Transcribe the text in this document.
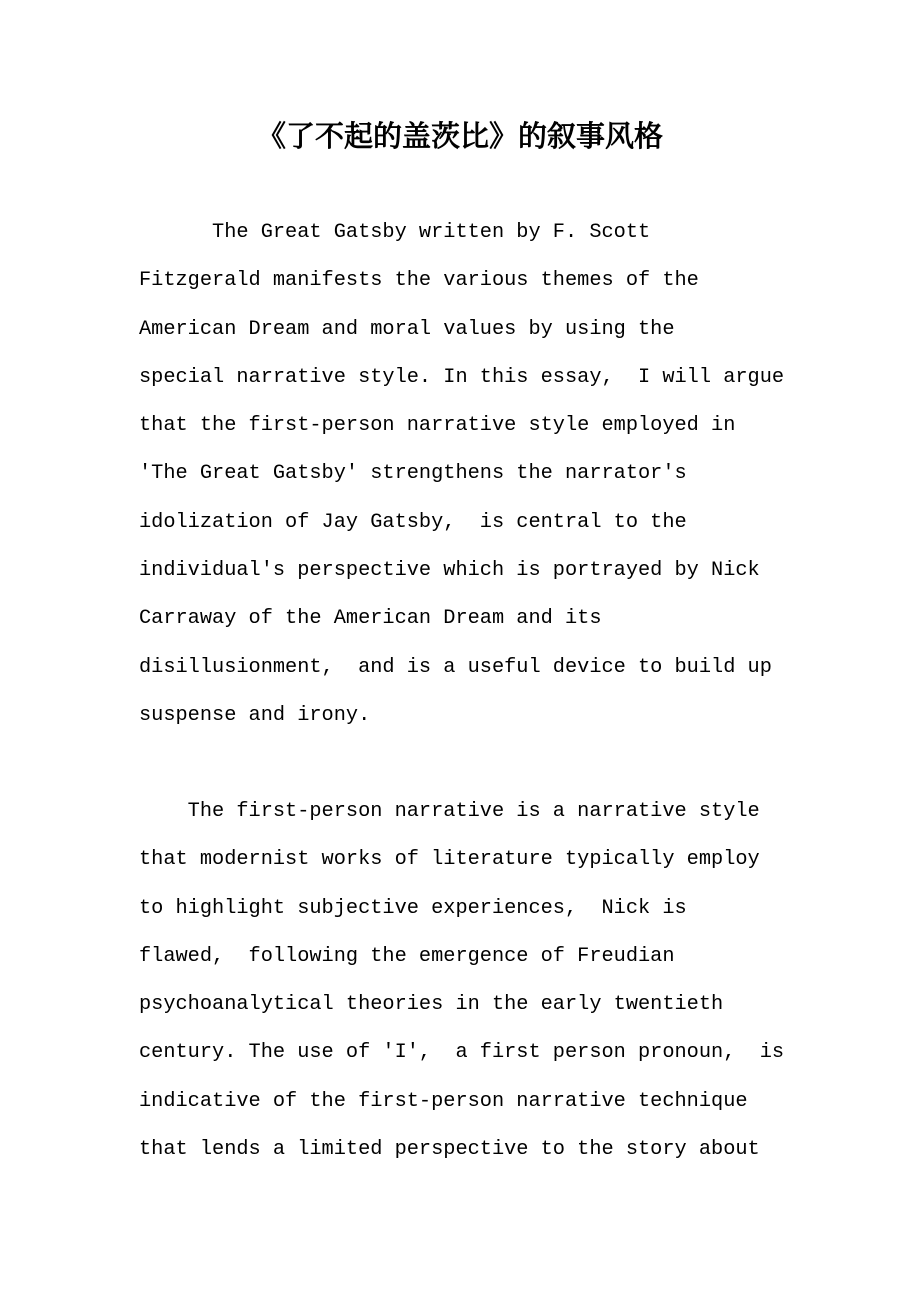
《了不起的盖茨比》的叙事风格
The Great Gatsby written by F. Scott
Fitzgerald manifests the various themes of the
American Dream and moral values by using the
special narrative style. In this essay,  I will argue
that the first-person narrative style employed in
'The Great Gatsby' strengthens the narrator's
idolization of Jay Gatsby,  is central to the
individual's perspective which is portrayed by Nick
Carraway of the American Dream and its
disillusionment,  and is a useful device to build up
suspense and irony.
The first-person narrative is a narrative style
that modernist works of literature typically employ
to highlight subjective experiences,  Nick is
flawed,  following the emergence of Freudian
psychoanalytical theories in the early twentieth
century. The use of 'I',  a first person pronoun,  is
indicative of the first-person narrative technique
that lends a limited perspective to the story about
